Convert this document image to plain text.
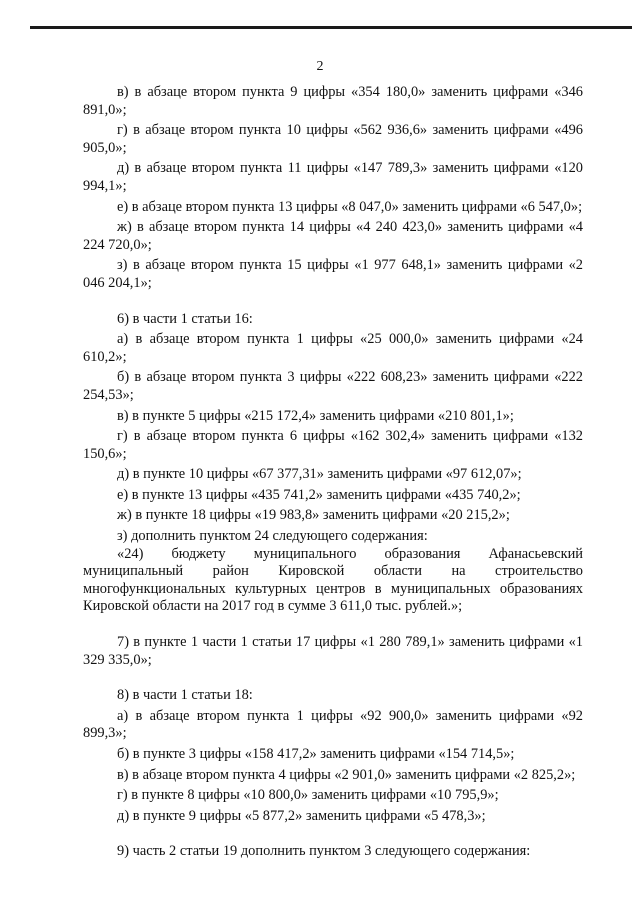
2

в) в абзаце втором пункта 9 цифры «354 180,0» заменить цифрами «346 891,0»;

г) в абзаце втором пункта 10 цифры «562 936,6» заменить цифрами «496 905,0»;

д) в абзаце втором пункта 11 цифры «147 789,3» заменить цифрами «120 994,1»;

е) в абзаце втором пункта 13 цифры «8 047,0» заменить цифрами «6 547,0»;

ж) в абзаце втором пункта 14 цифры «4 240 423,0» заменить цифрами «4 224 720,0»;

з) в абзаце втором пункта 15 цифры «1 977 648,1» заменить цифрами «2 046 204,1»;

6) в части 1 статьи 16:

а) в абзаце втором пункта 1 цифры «25 000,0» заменить цифрами «24 610,2»;

б) в абзаце втором пункта 3 цифры «222 608,23» заменить цифрами «222 254,53»;

в) в пункте 5 цифры «215 172,4» заменить цифрами «210 801,1»;

г) в абзаце втором пункта 6 цифры «162 302,4» заменить цифрами «132 150,6»;

д) в пункте 10 цифры «67 377,31» заменить цифрами «97 612,07»;

е) в пункте 13 цифры «435 741,2» заменить цифрами «435 740,2»;

ж) в пункте 18 цифры «19 983,8» заменить цифрами «20 215,2»;

з) дополнить пунктом 24 следующего содержания:

«24) бюджету муниципального образования Афанасьевский муниципальный район Кировской области на строительство многофункциональных культурных центров в муниципальных образованиях Кировской области на 2017 год в сумме 3 611,0 тыс. рублей.»;

7) в пункте 1 части 1 статьи 17 цифры «1 280 789,1» заменить цифрами «1 329 335,0»;

8) в части 1 статьи 18:

а) в абзаце втором пункта 1 цифры «92 900,0» заменить цифрами «92 899,3»;

б) в пункте 3 цифры «158 417,2» заменить цифрами «154 714,5»;

в) в абзаце втором пункта 4 цифры «2 901,0» заменить цифрами «2 825,2»;

г) в пункте 8 цифры «10 800,0» заменить цифрами «10 795,9»;

д) в пункте 9 цифры «5 877,2» заменить цифрами «5 478,3»;

9) часть 2 статьи 19 дополнить пунктом 3 следующего содержания:
